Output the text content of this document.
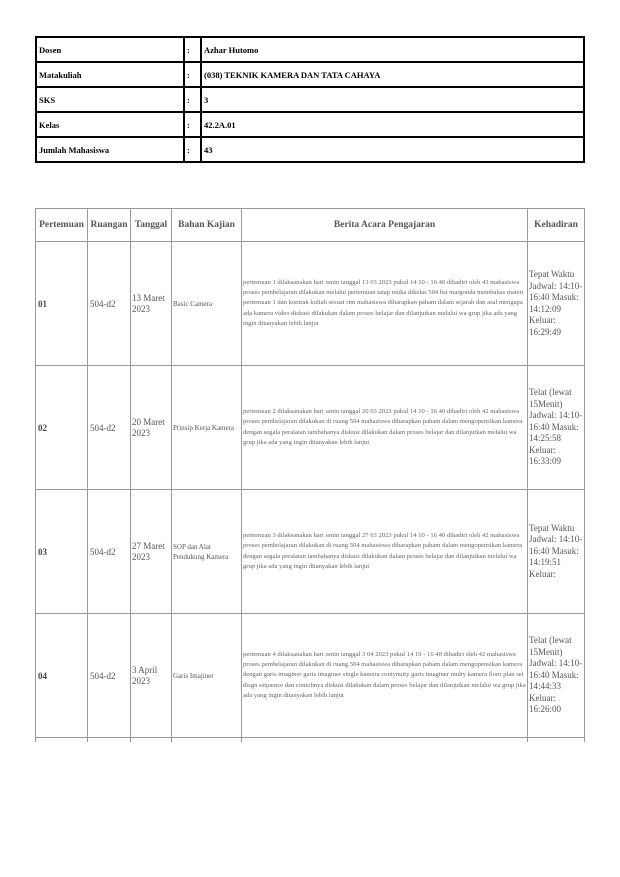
Dosen	:	Azhar Hutomo
Matakuliah	:	(038) TEKNIK KAMERA DAN TATA CAHAYA
SKS	:	3
Kelas	:	42.2A.01
Jumlah Mahasiswa	:	43
Pertemuan	Ruangan	Tanggal	Bahan Kajian	Berita Acara Pengajaran	Kehadiran
01	504-d2	13 Maret 2023	Basic Camera	pertemuan 1 dilaksanakan hari senin tanggal 13 03 2023 pukul 14 10 - 16 40 dihadiri oleh 43 mahasiswa proses pembelajaran dilakukan melalui pertemuan tatap muka dikelas 504 bsi margonda membahas materi pertemuan 1 dan kontrak kuliah sesuai rtm mahasiswa diharapkan paham dalam sejarah dan asal mengapa ada kamera video diskusi dilakukan dalam proses belajar dan dilanjutkan melalui wa grup jika ada yang ingin ditanyakan lebih lanjut	Tepat Waktu Jadwal: 14:10-16:40 Masuk: 14:12:09 Keluar: 16:29:49
02	504-d2	20 Maret 2023	Prinsip Kerja Kamera	pertemuan 2 dilaksanakan hari senin tanggal 20 03 2023 pukul 14 10 - 16 40 dihadiri oleh 42 mahasiswa proses pembelajaran dilakukan di ruang 504 mahasiswa diharapkan paham dalam mengopensikan kamera dengan segala peralatan tambahanya diskusi dilakukan dalam proses belajar dan dilanjutkan melalui wa grup jika ada yang ingin ditanyakan lebih lanjut	Telat (lewat 15Menit) Jadwal: 14:10-16:40 Masuk: 14:25:58 Keluar: 16:33:09
03	504-d2	27 Maret 2023	SOP dan Alat Pendukung Kamera	pertemuan 3 dilaksanakan hari senin tanggal 27 03 2023 pukul 14 10 - 16 40 dihadiri oleh 42 mahasiswa proses pembelajaran dilakukan di ruang 504 mahasiswa diharapkan paham dalam mengopensikan kamera dengan segala peralatan tambahanya diskusi dilakukan dalam proses belajar dan dilanjutkan melalui wa grup jika ada yang ingin ditanyakan lebih lanjut	Tepat Waktu Jadwal: 14:10-16:40 Masuk: 14:19:51 Keluar:
04	504-d2	3 April 2023	Garis Imajiner	pertemuan 4 dilaksanakan hari senin tanggal 3 04 2023 pukul 14 10 - 16 40 dihadiri oleh 42 mahasiswa proses pembelajaran dilakukan di ruang 504 mahasiswa diharapkan paham dalam mengopensikan kamera dengan garis imaginer garis imaginer single kamera contynuity garis imaginer multy kamera floor plan set disgn sequence dan contohnya diskusi dilakukan dalam proses belajar dan dilanjutkan melalui wa grup jika ada yang ingin ditanyakan lebih lanjut	Telat (lewat 15Menit) Jadwal: 14:10-16:40 Masuk: 14:44:33 Keluar: 16:26:00
